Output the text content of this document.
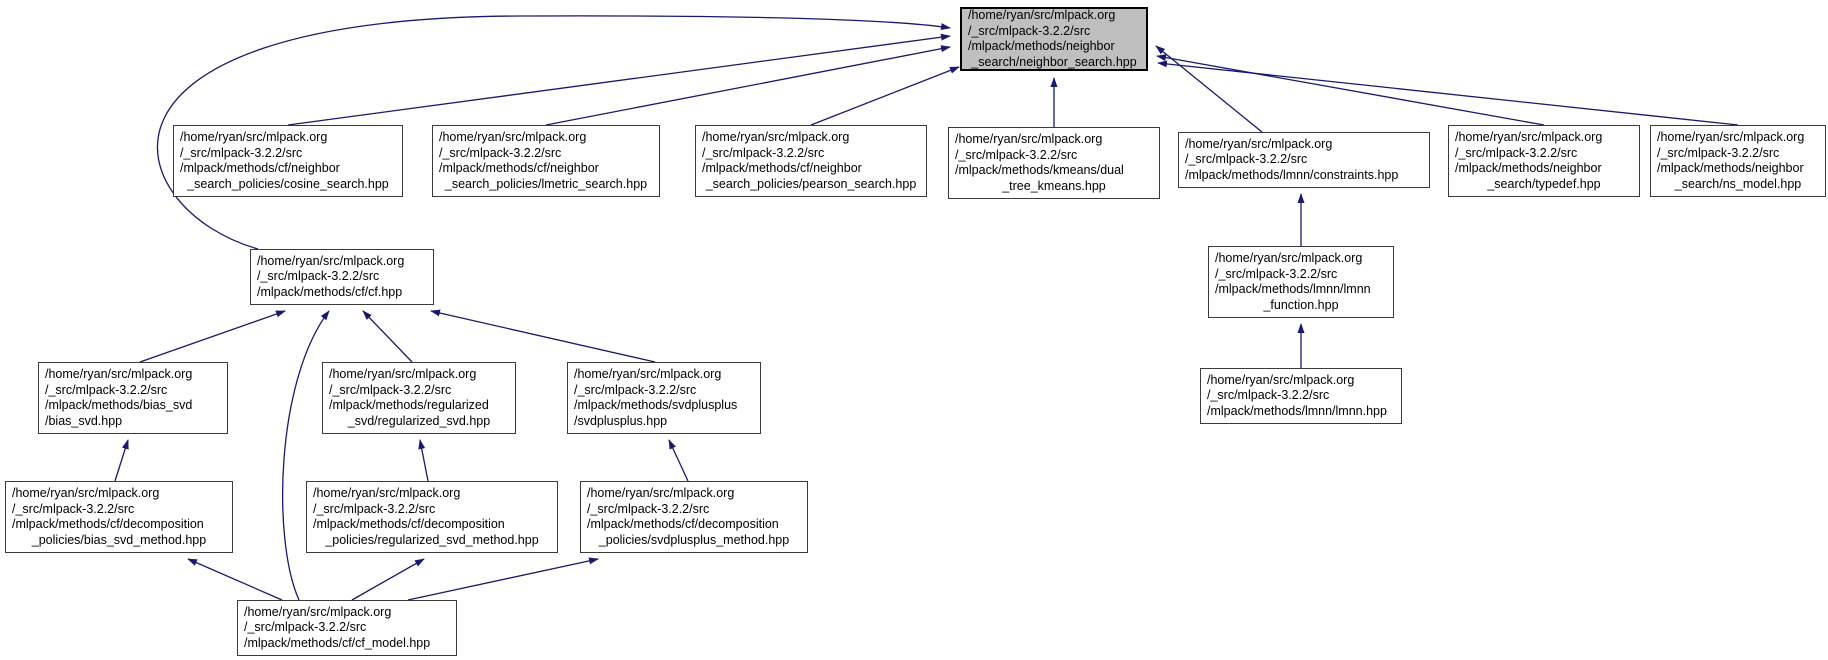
/home/ryan/src/mlpack.org
/_src/mlpack-3.2.2/src
/mlpack/methods/neighbor
_search/neighbor_search.hpp
/home/ryan/src/mlpack.org
/_src/mlpack-3.2.2/src
/mlpack/methods/cf/neighbor
_search_policies/cosine_search.hpp
/home/ryan/src/mlpack.org
/_src/mlpack-3.2.2/src
/mlpack/methods/cf/neighbor
_search_policies/lmetric_search.hpp
/home/ryan/src/mlpack.org
/_src/mlpack-3.2.2/src
/mlpack/methods/cf/neighbor
_search_policies/pearson_search.hpp
/home/ryan/src/mlpack.org
/_src/mlpack-3.2.2/src
/mlpack/methods/kmeans/dual
_tree_kmeans.hpp
/home/ryan/src/mlpack.org
/_src/mlpack-3.2.2/src
/mlpack/methods/lmnn/constraints.hpp
/home/ryan/src/mlpack.org
/_src/mlpack-3.2.2/src
/mlpack/methods/neighbor
_search/typedef.hpp
/home/ryan/src/mlpack.org
/_src/mlpack-3.2.2/src
/mlpack/methods/neighbor
_search/ns_model.hpp
/home/ryan/src/mlpack.org
/_src/mlpack-3.2.2/src
/mlpack/methods/cf/cf.hpp
/home/ryan/src/mlpack.org
/_src/mlpack-3.2.2/src
/mlpack/methods/lmnn/lmnn
_function.hpp
/home/ryan/src/mlpack.org
/_src/mlpack-3.2.2/src
/mlpack/methods/lmnn/lmnn.hpp
/home/ryan/src/mlpack.org
/_src/mlpack-3.2.2/src
/mlpack/methods/bias_svd
/bias_svd.hpp
/home/ryan/src/mlpack.org
/_src/mlpack-3.2.2/src
/mlpack/methods/regularized
_svd/regularized_svd.hpp
/home/ryan/src/mlpack.org
/_src/mlpack-3.2.2/src
/mlpack/methods/svdplusplus
/svdplusplus.hpp
/home/ryan/src/mlpack.org
/_src/mlpack-3.2.2/src
/mlpack/methods/cf/decomposition
_policies/bias_svd_method.hpp
/home/ryan/src/mlpack.org
/_src/mlpack-3.2.2/src
/mlpack/methods/cf/decomposition
_policies/regularized_svd_method.hpp
/home/ryan/src/mlpack.org
/_src/mlpack-3.2.2/src
/mlpack/methods/cf/decomposition
_policies/svdplusplus_method.hpp
/home/ryan/src/mlpack.org
/_src/mlpack-3.2.2/src
/mlpack/methods/cf/cf_model.hpp
